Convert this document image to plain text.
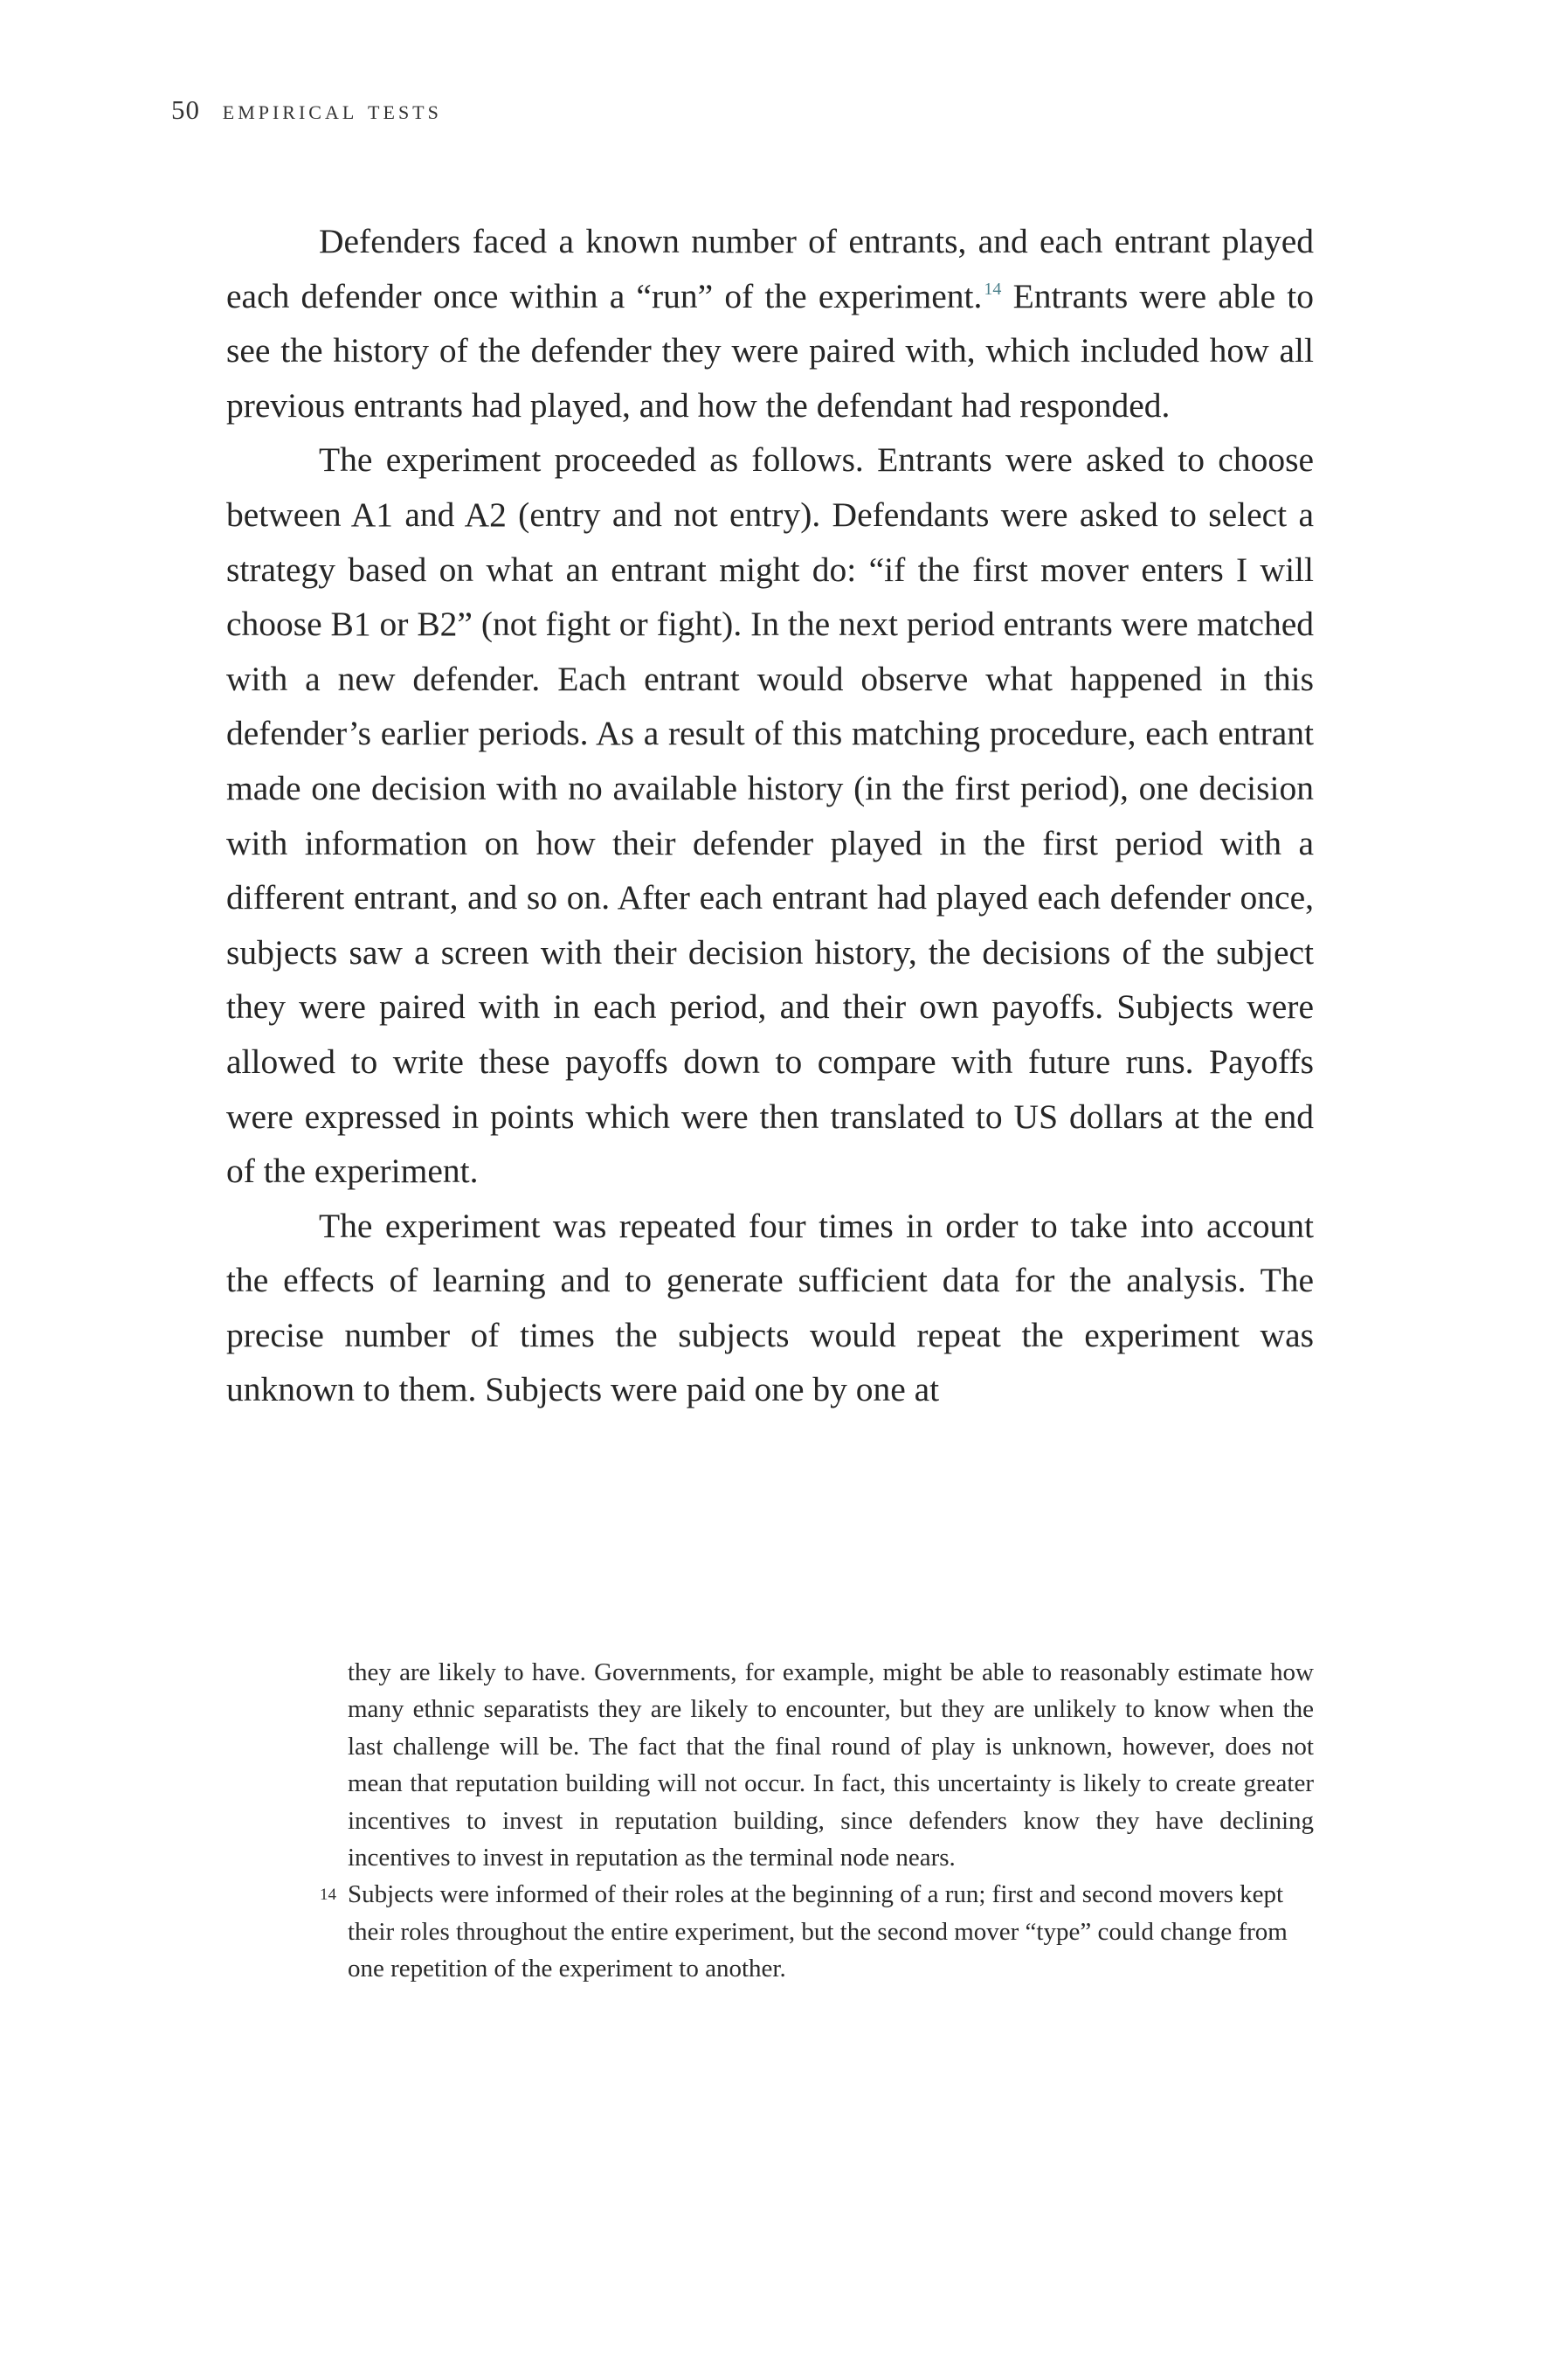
50 empirical tests

Defenders faced a known number of entrants, and each entrant played each defender once within a “run” of the experiment. $^{14}$ Entrants were able to see the history of the defender they were paired with, which included how all previous entrants had played, and how the defendant had responded.

The experiment proceeded as follows. Entrants were asked to choose between A1 and A2 (entry and not entry). Defendants were asked to select a strategy based on what an entrant might do: “if the first mover enters I will choose B1 or B2” (not fight or fight). In the next period entrants were matched with a new defender. Each entrant would observe what happened in this defender’s earlier periods. As a result of this matching procedure, each entrant made one decision with no available history (in the first period), one decision with information on how their defender played in the first period with a different entrant, and so on. After each entrant had played each defender once, subjects saw a screen with their decision history, the decisions of the subject they were paired with in each period, and their own payoffs. Subjects were allowed to write these payoffs down to compare with future runs. Payoffs were expressed in points which were then translated to US dollars at the end of the experiment.

The experiment was repeated four times in order to take into account the effects of learning and to generate sufficient data for the analysis. The precise number of times the subjects would repeat the experiment was unknown to them. Subjects were paid one by one at

they are likely to have. Governments, for example, might be able to reasonably estimate how many ethnic separatists they are likely to encounter, but they are unlikely to know when the last challenge will be. The fact that the final round of play is unknown, however, does not mean that reputation building will not occur. In fact, this uncertainty is likely to create greater incentives to invest in reputation building, since defenders know they have declining incentives to invest in reputation as the terminal node nears.

14 Subjects were informed of their roles at the beginning of a run; first and second movers kept their roles throughout the entire experiment, but the second mover “type” could change from one repetition of the experiment to another.
